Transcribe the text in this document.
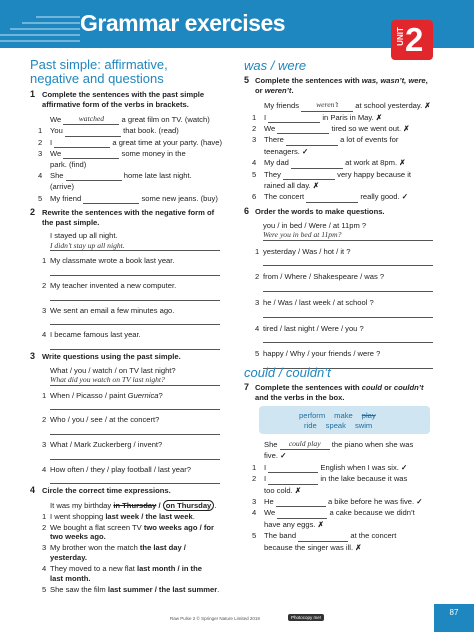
Grammar exercises
UNIT 2
Past simple: affirmative,
negative and questions
1 Complete the sentences with the past simple
affirmative form of the verbs in brackets.
We watched a great film on TV. (watch)
1 You	that book. (read)
2 I	a great time at your party. (have)
3 We	some money in the
park. (find)
4 She	home late last night.
(arrive)
5 My friend	some new jeans. (buy)
2 Rewrite the sentences with the negative form of
the past simple.
I stayed up all night.
I didn’t stay up all night.
1 My classmate wrote a book last year.
2 My teacher invented a new computer.
3 We sent an email a few minutes ago.
4 I became famous last year.
3 Write questions using the past simple.
What / you / watch / on TV last night?
What did you watch on TV last night?
1 When / Picasso / paint Guernica?
2 Who / you / see / at the concert?
3 What / Mark Zuckerberg / invent?
4 How often / they / play football / last year?
4 Circle the correct time expressions.
It was my birthday in Thursday / on Thursday .
1 I went shopping last week / the last week.
2 We bought a flat screen TV two weeks ago / for
two weeks ago.
3 My brother won the match the last day /
yesterday.
4 They moved to a new flat last month / in the
last month.
5 She saw the film last summer / the last summer.
was / were
5 Complete the sentences with was, wasn’t, were,
or weren’t.
My friends weren’t at school yesterday. ✗
1 I	in Paris in May. ✗
2 We	tired so we went out. ✗
3 There	a lot of events for
teenagers. ✓
4 My dad	at work at 8pm. ✗
5 They	very happy because it
rained all day. ✗
6 The concert	really good. ✓
6 Order the words to make questions.
you / in bed / Were / at 11pm ?
Were you in bed at 11pm?
1 yesterday / Was / hot / it ?
2 from / Where / Shakespeare / was ?
3 he / Was / last week / at school ?
4 tired / last night / Were / you ?
5 happy / Why / your friends / were ?
could / couldn’t
7 Complete the sentences with could or couldn’t
and the verbs in the box.
perform make play
ride speak swim
She could play the piano when she was
five. ✓
1 I	English when I was six. ✓
2 I	in the lake because it was
too cold. ✗
3 He	a bike before he was five. ✓
4 We	a cake because we didn’t
have any eggs. ✗
5 The band	at the concert
because the singer was ill. ✗
Raw Pulse 2 © Springer Nature Limited 2019	Photocopy me!
87
